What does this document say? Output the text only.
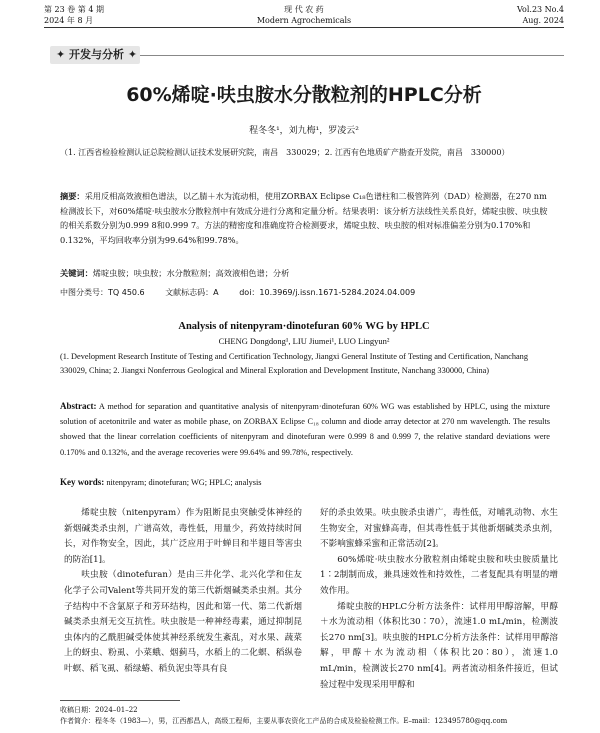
第 23 卷 第 4 期	现 代 农 药	Vol.23 No.4
2024 年 8 月	Modern Agrochemicals	Aug. 2024
✦ 开发与分析 ✦
60%烯啶·呋虫胺水分散粒剂的HPLC分析
程冬冬¹，刘九梅¹，罗凌云²
（1. 江西省检验检测认证总院检测认证技术发展研究院，南昌　330029；2. 江西有色地质矿产勘查开发院，南昌　330000）
摘要：采用反相高效液相色谱法，以乙腈＋水为流动相，使用ZORBAX Eclipse C₁₈色谱柱和二极管阵列（DAD）检测器，在270 nm检测波长下，对60%烯啶·呋虫胺水分散粒剂中有效成分进行分离和定量分析。结果表明：该分析方法线性关系良好，烯啶虫胺、呋虫胺的相关系数分别为0.999 8和0.999 7。方法的精密度和准确度符合检测要求，烯啶虫胺、呋虫胺的相对标准偏差分别为0.170%和0.132%，平均回收率分别为99.64%和99.78%。
关键词：烯啶虫胺；呋虫胺；水分散粒剂；高效液相色谱；分析
中图分类号：TQ 450.6	文献标志码：A	doi：10.3969/j.issn.1671-5284.2024.04.009
Analysis of nitenpyram·dinotefuran 60% WG by HPLC
CHENG Dongdong¹, LIU Jiumei¹, LUO Lingyun²
(1. Development Research Institute of Testing and Certification Technology, Jiangxi General Institute of Testing and Certification, Nanchang 330029, China; 2. Jiangxi Nonferrous Geological and Mineral Exploration and Development Institute, Nanchang 330000, China)
Abstract: A method for separation and quantitative analysis of nitenpyram·dinotefuran 60% WG was established by HPLC, using the mixture solution of acetonitrile and water as mobile phase, on ZORBAX Eclipse C₁₈ column and diode array detector at 270 nm wavelength. The results showed that the linear correlation coefficients of nitenpyram and dinotefuran were 0.999 8 and 0.999 7, the relative standard deviations were 0.170% and 0.132%, and the average recoveries were 99.64% and 99.78%, respectively.
Key words: nitenpyram; dinotefuran; WG; HPLC; analysis

烯啶虫胺（nitenpyram）作为阻断昆虫突触受体神经的新烟碱类杀虫剂，广谱高效，毒性低，用量少，药效持续时间长，对作物安全，因此，其广泛应用于叶蝉目和半翅目等害虫的防治[1]。

呋虫胺（dinotefuran）是由三井化学、北兴化学和住友化学子公司Valent等共同开发的第三代新烟碱类杀虫剂。其分子结构中不含氯原子和芳环结构，因此和第一代、第二代新烟碱类杀虫剂无交互抗性。呋虫胺是一种神经毒素，通过抑制昆虫体内的乙酰胆碱受体使其神经系统发生紊乱，对水果、蔬菜上的蚜虫、粉虱、小菜蛾、烟蓟马，水稻上的二化螟、稻纵卷叶螟、稻飞虱、稻绿蝽、稻负泥虫等具有良

好的杀虫效果。呋虫胺杀虫谱广，毒性低，对哺乳动物、水生生物安全，对蜜蜂高毒，但其毒性低于其他新烟碱类杀虫剂，不影响蜜蜂采蜜和正常活动[2]。

60%烯啶·呋虫胺水分散粒剂由烯啶虫胺和呋虫胺质量比1∶2制制而成，兼具速效性和持效性，二者复配具有明显的增效作用。

烯啶虫胺的HPLC分析方法条件：试样用甲醇溶解，甲醇＋水为流动相（体积比30∶70），流速1.0 mL/min，检测波长270 nm[3]。呋虫胺的HPLC分析方法条件：试样用甲醇溶解，甲醇＋水为流动相（体积比20∶80），流速1.0 mL/min，检测波长270 nm[4]。两者流动相条件接近，但试验过程中发现采用甲醇和

收稿日期：2024–01–22
作者简介：程冬冬（1983—），男，江西都昌人，高级工程师，主要从事农资化工产品的合成及检验检测工作。E–mail：123495780@qq.com
